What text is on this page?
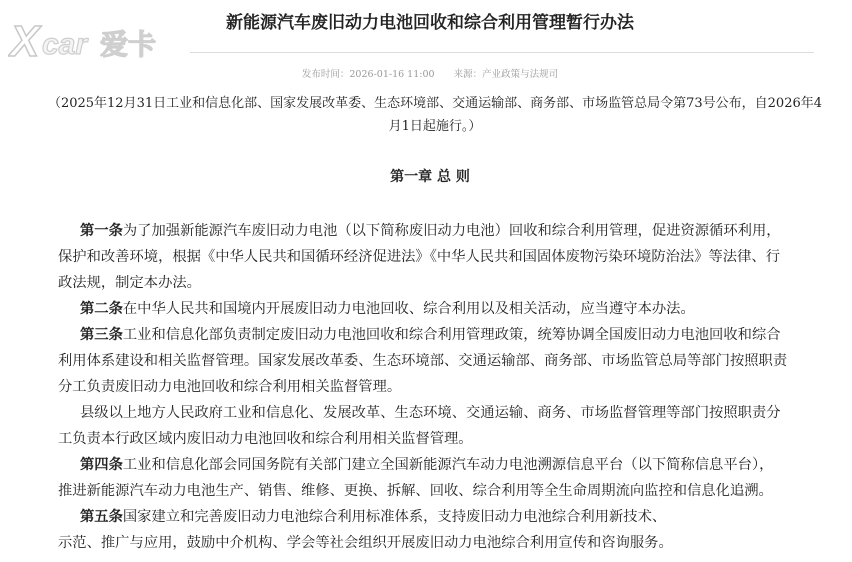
X car 爱卡
新能源汽车废旧动力电池回收和综合利用管理暂行办法
发布时间：2026-01-16 11:00 来源：产业政策与法规司
（2025年12月31日工业和信息化部、国家发展改革委、生态环境部、交通运输部、商务部、市场监管总局令第73号公布，自2026年4
月1日起施行。）
第一章 总 则
第一条为了加强新能源汽车废旧动力电池（以下简称废旧动力电池）回收和综合利用管理，促进资源循环利用，
保护和改善环境，根据《中华人民共和国循环经济促进法》《中华人民共和国固体废物污染环境防治法》等法律、行
政法规，制定本办法。
第二条在中华人民共和国境内开展废旧动力电池回收、综合利用以及相关活动，应当遵守本办法。
第三条工业和信息化部负责制定废旧动力电池回收和综合利用管理政策，统筹协调全国废旧动力电池回收和综合
利用体系建设和相关监督管理。国家发展改革委、生态环境部、交通运输部、商务部、市场监管总局等部门按照职责
分工负责废旧动力电池回收和综合利用相关监督管理。
县级以上地方人民政府工业和信息化、发展改革、生态环境、交通运输、商务、市场监督管理等部门按照职责分
工负责本行政区域内废旧动力电池回收和综合利用相关监督管理。
第四条工业和信息化部会同国务院有关部门建立全国新能源汽车动力电池溯源信息平台（以下简称信息平台），
推进新能源汽车动力电池生产、销售、维修、更换、拆解、回收、综合利用等全生命周期流向监控和信息化追溯。
第五条国家建立和完善废旧动力电池综合利用标准体系，支持废旧动力电池综合利用新技术、
示范、推广与应用，鼓励中介机构、学会等社会组织开展废旧动力电池综合利用宣传和咨询服务。
